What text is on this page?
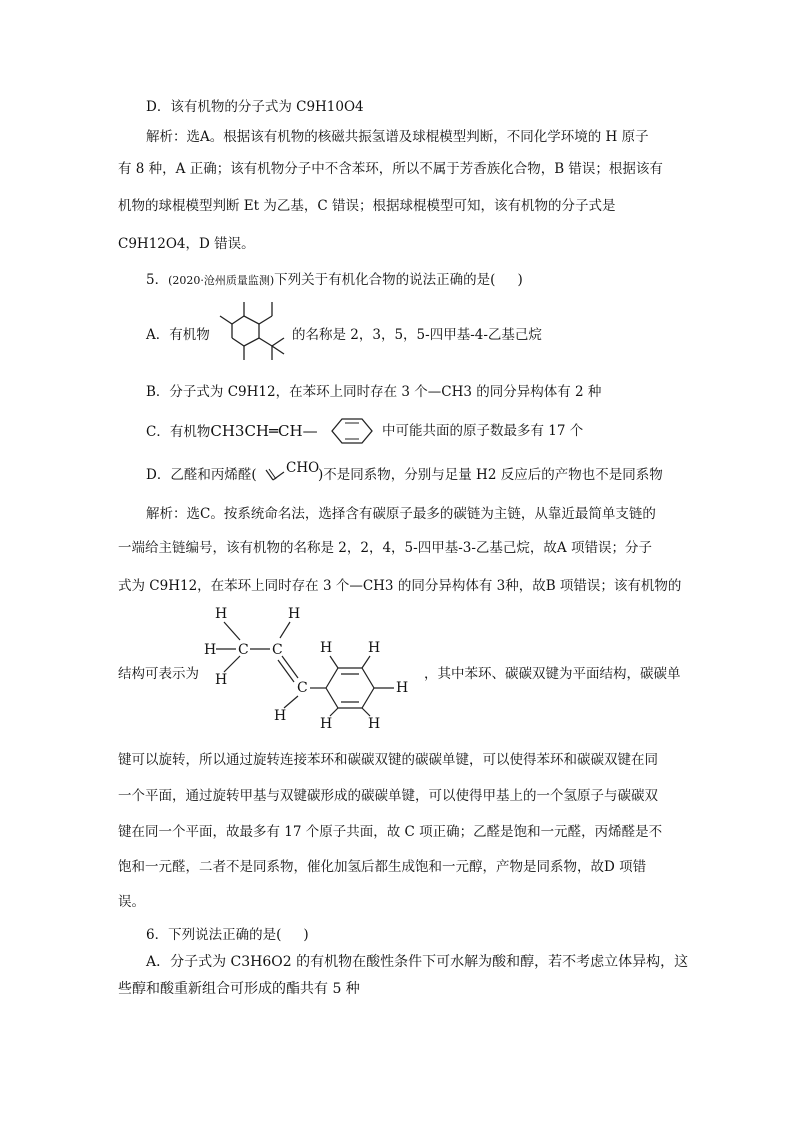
D．该有机物的分子式为 C9H10O4
解析：选A。根据该有机物的核磁共振氢谱及球棍模型判断，不同化学环境的 H 原子
有 8 种，A 正确；该有机物分子中不含苯环，所以不属于芳香族化合物，B 错误；根据该有
机物的球棍模型判断 Et 为乙基，C 错误；根据球棍模型可知，该有机物的分子式是
C9H12O4，D 错误。
5．(2020·沧州质量监测)下列关于有机化合物的说法正确的是( )
A．有机物	的名称是 2，3，5，5-四甲基-4-乙基己烷
B．分子式为 C9H12，在苯环上同时存在 3 个—CH3 的同分异构体有 2 种
C．有机物CH3CH═CH—	中可能共面的原子数最多有 17 个
D．乙醛和丙烯醛( CHO
)不是同系物，分别与足量 H2 反应后的产物也不是同系物
解析：选C。按系统命名法，选择含有碳原子最多的碳链为主链，从靠近最简单支链的
一端给主链编号，该有机物的名称是 2，2，4，5-四甲基-3-乙基己烷，故A 项错误；分子
式为 C9H12，在苯环上同时存在 3 个—CH3 的同分异构体有 3种，故B 项错误；该有机物的
结构可表示为
H	H
H C C
H	C
H
H	H
H
H	H
，其中苯环、碳碳双键为平面结构，碳碳单
键可以旋转，所以通过旋转连接苯环和碳碳双键的碳碳单键，可以使得苯环和碳碳双键在同
一个平面，通过旋转甲基与双键碳形成的碳碳单键，可以使得甲基上的一个氢原子与碳碳双
键在同一个平面，故最多有 17 个原子共面，故 C 项正确；乙醛是饱和一元醛，丙烯醛是不
饱和一元醛，二者不是同系物，催化加氢后都生成饱和一元醇，产物是同系物，故D 项错
误。
6．下列说法正确的是( )
A．分子式为 C3H6O2 的有机物在酸性条件下可水解为酸和醇，若不考虑立体异构，这
些醇和酸重新组合可形成的酯共有 5 种
